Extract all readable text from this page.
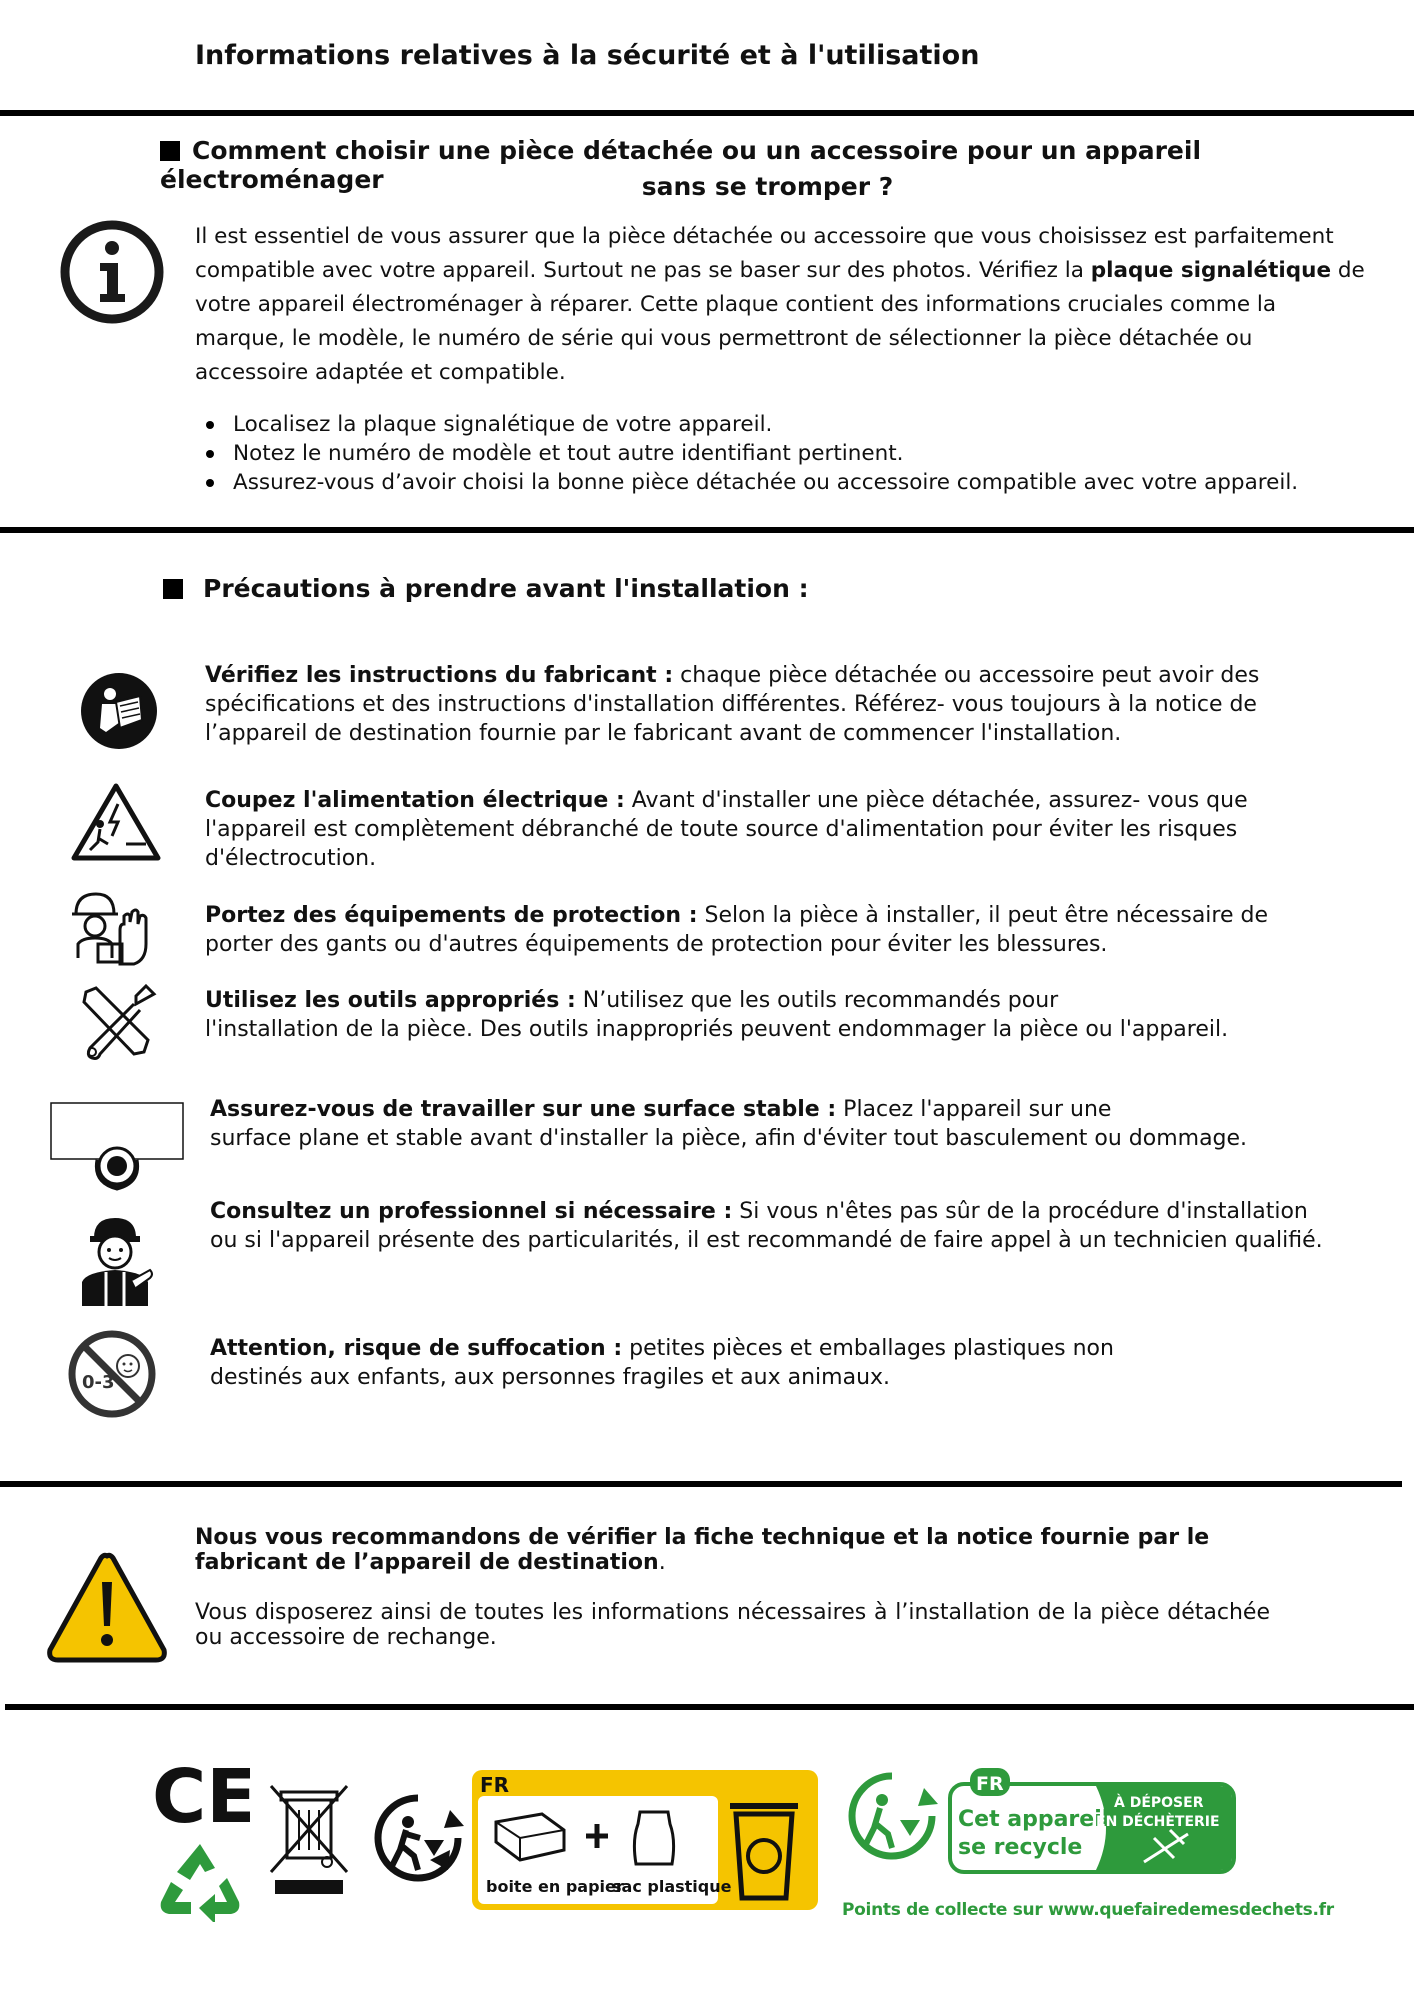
Informations relatives à la sécurité et à l'utilisation
Comment choisir une pièce détachée ou un accessoire pour un appareil électroménager	sans se tromper ?
Il est essentiel de vous assurer que la pièce détachée ou accessoire que vous choisissez est parfaitement compatible avec votre appareil. Surtout ne pas se baser sur des photos. Vérifiez la plaque signalétique de votre appareil électroménager à réparer. Cette plaque contient des informations cruciales comme la marque, le modèle, le numéro de série qui vous permettront de sélectionner la pièce détachée ou accessoire adaptée et compatible.
Localisez la plaque signalétique de votre appareil.
Notez le numéro de modèle et tout autre identifiant pertinent.
Assurez-vous d’avoir choisi la bonne pièce détachée ou accessoire compatible avec votre appareil.
Précautions à prendre avant l'installation :
Vérifiez les instructions du fabricant : chaque pièce détachée ou accessoire peut avoir des spécifications et des instructions d'installation différentes. Référez- vous toujours à la notice de l’appareil de destination fournie par le fabricant avant de commencer l'installation.
Coupez l'alimentation électrique : Avant d'installer une pièce détachée, assurez- vous que l'appareil est complètement débranché de toute source d'alimentation pour éviter les risques d'électrocution.
Portez des équipements de protection : Selon la pièce à installer, il peut être nécessaire de porter des gants ou d'autres équipements de protection pour éviter les blessures.
Utilisez les outils appropriés : N’utilisez que les outils recommandés pour
l'installation de la pièce. Des outils inappropriés peuvent endommager la pièce ou l'appareil.
Assurez-vous de travailler sur une surface stable : Placez l'appareil sur une
surface plane et stable avant d'installer la pièce, afin d'éviter tout basculement ou dommage.
Consultez un professionnel si nécessaire : Si vous n'êtes pas sûr de la procédure d'installation ou si l'appareil présente des particularités, il est recommandé de faire appel à un technicien qualifié.
0-3
Attention, risque de suffocation : petites pièces et emballages plastiques non
destinés aux enfants, aux personnes fragiles et aux animaux.
Nous vous recommandons de vérifier la fiche technique et la notice fournie par le fabricant de l’appareil de destination.
Vous disposerez ainsi de toutes les informations nécessaires à l’installation de la pièce détachée ou accessoire de rechange.
CE	FR
boite en papier
sac plastique
FR
Cet appareil
se recycle
À DÉPOSER
EN DÉCHÈTERIE
Points de collecte sur www.quefairedemesdechets.fr
